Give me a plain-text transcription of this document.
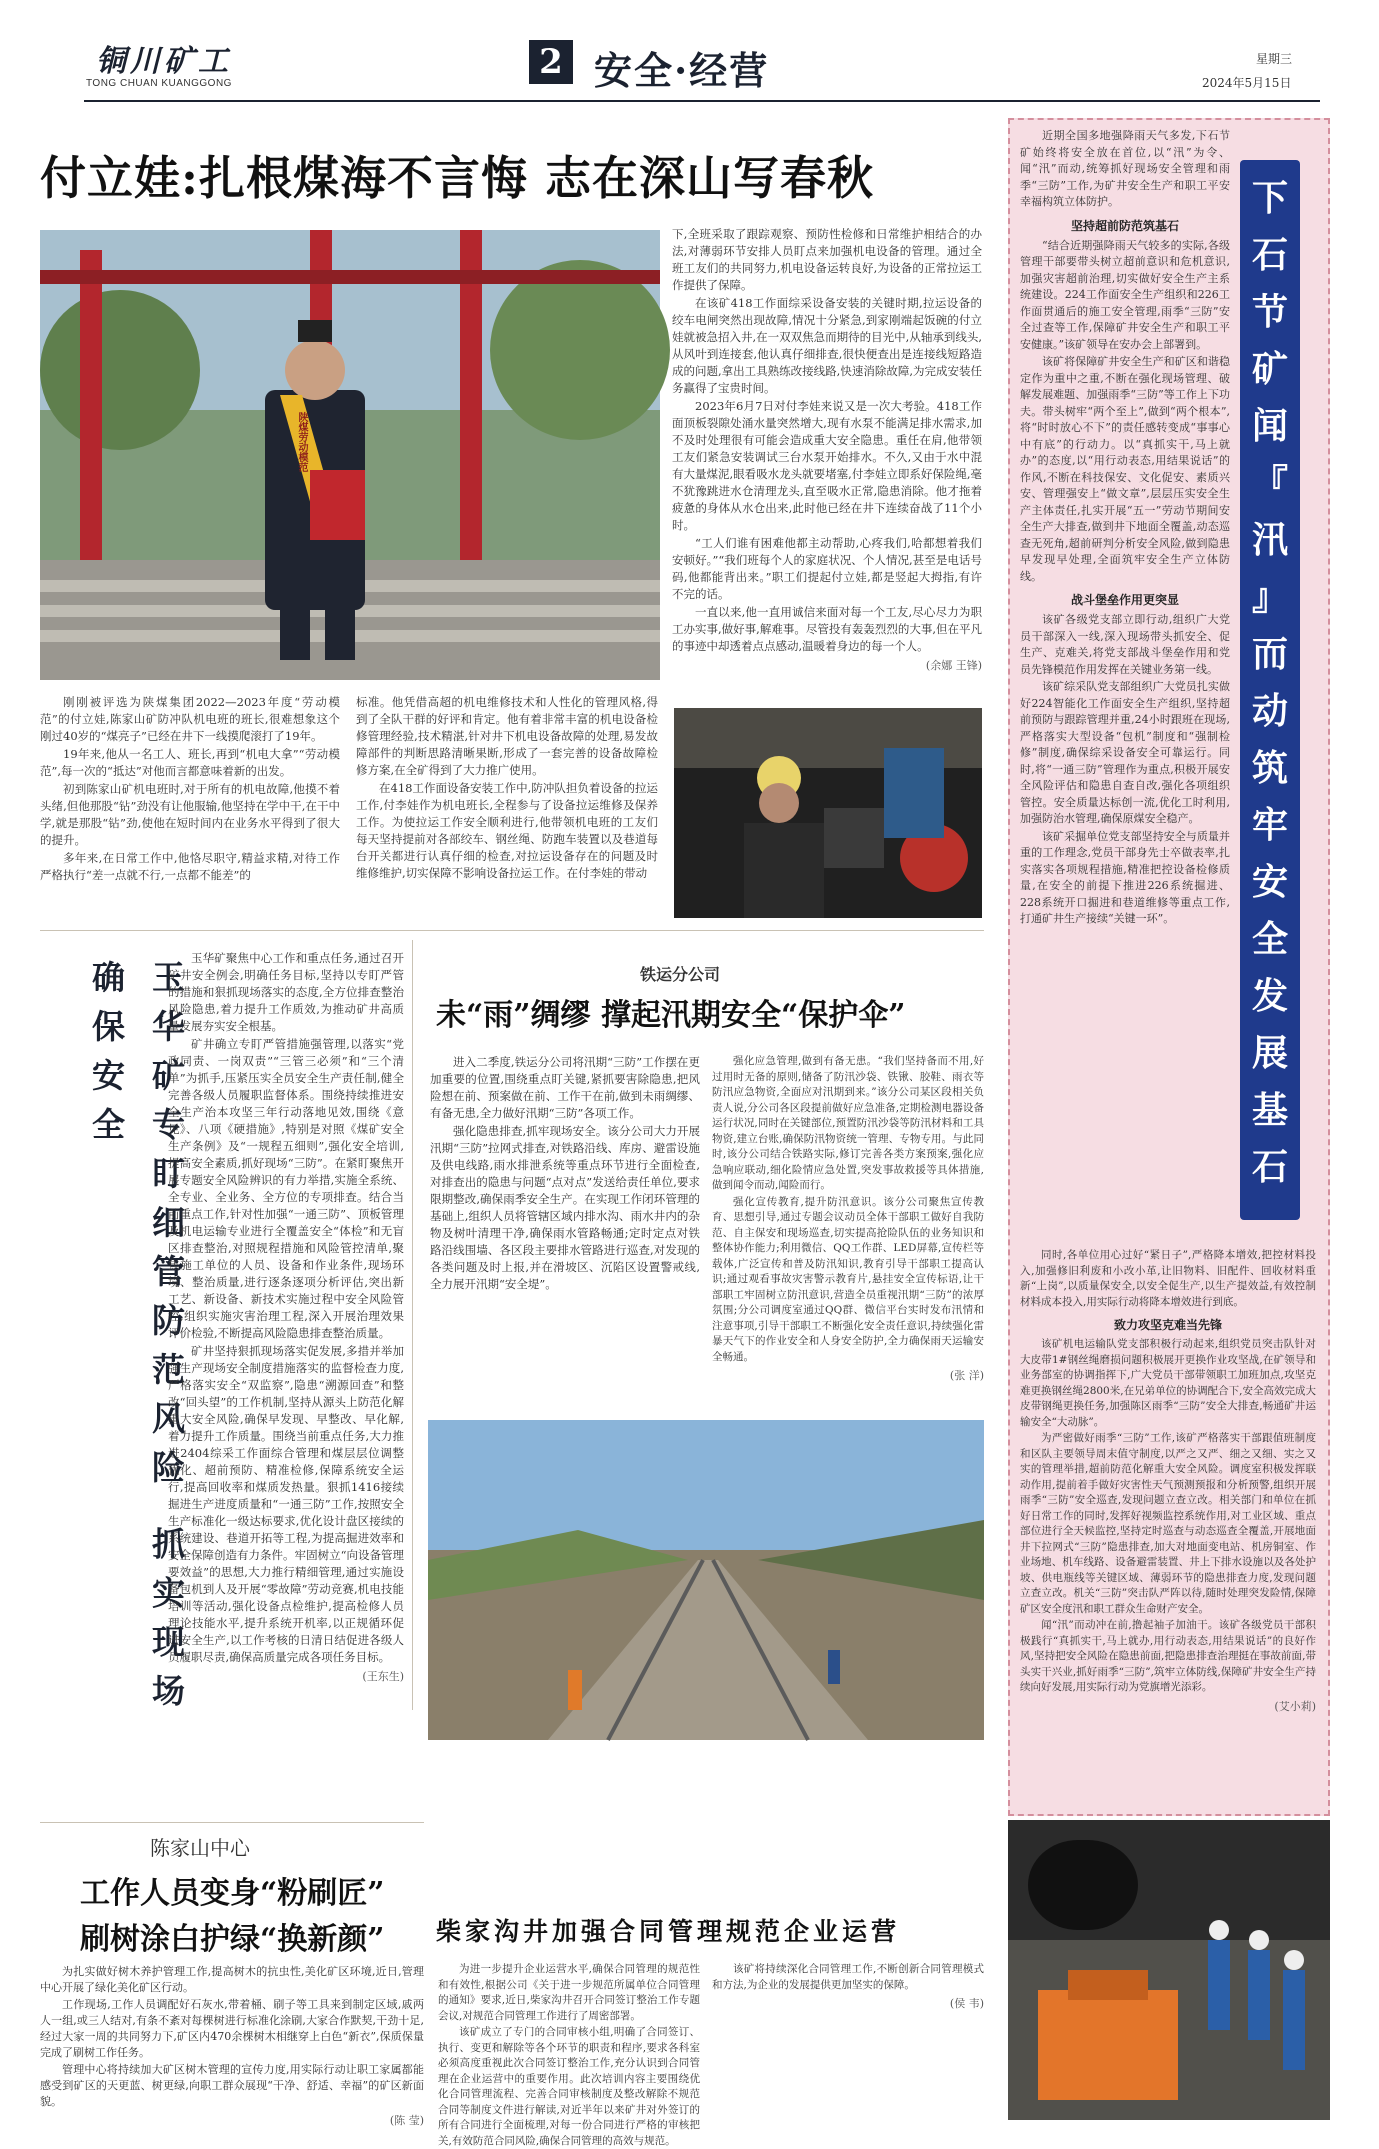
铜川矿工
TONG CHUAN KUANGGONG
2 安全·经营	星期三
2024年5月15日
付立娃:扎根煤海不言悔 志在深山写春秋
陕煤劳动模范

下,全班采取了跟踪观察、预防性检修和日常维护相结合的办法,对薄弱环节安排人员盯点来加强机电设备的管理。通过全班工友们的共同努力,机电设备运转良好,为设备的正常拉运工作提供了保障。

在该矿418工作面综采设备安装的关键时期,拉运设备的绞车电闸突然出现故障,情况十分紧急,到家刚端起饭碗的付立娃就被急招入井,在一双双焦急而期待的目光中,从轴承到线头,从风叶到连接套,他认真仔细排查,很快便查出是连接线短路造成的问题,拿出工具熟练改接线路,快速消除故障,为完成安装任务赢得了宝贵时间。

2023年6月7日对付李娃来说又是一次大考验。418工作面顶板裂隙处涌水量突然增大,现有水泵不能满足排水需求,加不及时处理很有可能会造成重大安全隐患。重任在肩,他带领工友们紧急安装调试三台水泵开始排水。不久,又由于水中混有大量煤泥,眼看吸水龙头就要堵塞,付李娃立即系好保险绳,毫不犹豫跳进水仓清理龙头,直至吸水正常,隐患消除。他才拖着疲惫的身体从水仓出来,此时他已经在井下连续奋战了11个小时。

“工人们谁有困难他都主动帮助,心疼我们,哈都想着我们安顿好。”“我们班每个人的家庭状况、个人情况,甚至是电话号码,他都能背出来。”职工们提起付立娃,都是竖起大拇指,有许不完的话。

一直以来,他一直用诚信来面对每一个工友,尽心尽力为职工办实事,做好事,解难事。尽管投有轰轰烈烈的大事,但在平凡的事迹中却透着点点感动,温暖着身边的每一个人。

(余娜 王锋)

刚刚被评选为陕煤集团2022—2023年度“劳动模范”的付立娃,陈家山矿防冲队机电班的班长,很难想象这个刚过40岁的“煤亮子”已经在井下一线摸爬滚打了19年。

19年来,他从一名工人、班长,再到“机电大拿”“劳动模范”,每一次的“抵达”对他而言都意味着新的出发。

初到陈家山矿机电班时,对于所有的机电故障,他摸不着头绪,但他那股“钻”劲没有让他服输,他坚持在学中干,在干中学,就是那股“钻”劲,使他在短时间内在业务水平得到了很大的提升。

多年来,在日常工作中,他恪尽职守,精益求精,对待工作严格执行“差一点就不行,一点都不能差”的

标准。他凭借高超的机电维修技术和人性化的管理风格,得到了全队干群的好评和肯定。他有着非常丰富的机电设备检修管理经验,技术精湛,针对井下机电设备故障的处理,易发故障部件的判断思路清晰果断,形成了一套完善的设备故障检修方案,在全矿得到了大力推广使用。

在418工作面设备安装工作中,防冲队担负着设备的拉运工作,付李娃作为机电班长,全程参与了设备拉运维修及保养工作。为使拉运工作安全顺利进行,他带领机电班的工友们每天坚持提前对各部绞车、钢丝绳、防跑车装置以及巷道每台开关都进行认真仔细的检查,对拉运设备存在的问题及时维修维护,切实保障不影响设备拉运工作。在付李娃的带动

玉华矿专盯细管防范风险 抓实现场确保安全

玉华矿聚焦中心工作和重点任务,通过召开矿井安全例会,明确任务目标,坚持以专盯严管的措施和狠抓现场落实的态度,全方位排查整治风险隐患,着力提升工作质效,为推动矿井高质量发展夯实安全根基。

矿井确立专盯严管措施强管理,以落实“党政同责、一岗双责”“三管三必须”和“三个清单”为抓手,压紧压实全员安全生产责任制,健全完善各级人员履职监督体系。围绕持续推进安全生产治本攻坚三年行动落地见效,围绕《意见》、八项《硬措施》,特别是对照《煤矿安全生产条例》及“一规程五细则”,强化安全培训,提高安全素质,抓好现场“三防”。在紧盯聚焦开展专题安全风险辨识的有力举措,实施全系统、全专业、全业务、全方位的专项排查。结合当前重点工作,针对性加强“一通三防”、顶板管理及机电运输专业进行全覆盖安全“体检”和无盲区排查整治,对照规程措施和风险管控清单,聚焦施工单位的人员、设备和作业条件,现场环境、整治质量,进行逐条逐项分析评估,突出新工艺、新设备、新技术实施过程中安全风险管控,组织实施灾害治理工程,深入开展治理效果评价检验,不断提高风险隐患排查整治质量。

矿井坚持狠抓现场落实促发展,多措并举加强生产现场安全制度措施落实的监督检查力度,严格落实安全“双监察”,隐患“溯源回查”和整改“回头望”的工作机制,坚持从源头上防范化解重大安全风险,确保早发现、早整改、早化解,着力提升工作质量。围绕当前重点任务,大力推进2404综采工作面综合管理和煤层层位调整优化、超前预防、精准检修,保障系统安全运行,提高回收率和煤质发热量。狠抓1416接续掘进生产进度质量和“一通三防”工作,按照安全生产标准化一级达标要求,优化设计盘区接续的系统建设、巷道开拓等工程,为提高掘进效率和安全保障创造有力条件。牢固树立“向设备管理要效益”的思想,大力推行精细管理,通过实施设备包机到人及开展“零故障”劳动竞赛,机电技能培训等活动,强化设备点检维护,提高检修人员理论技能水平,提升系统开机率,以正规循环促进安全生产,以工作考核的日清日结促进各级人员履职尽责,确保高质量完成各项任务目标。

(王东生)
铁运分公司
未“雨”绸缪 撑起汛期安全“保护伞”

进入二季度,铁运分公司将汛期“三防”工作摆在更加重要的位置,围绕重点盯关键,紧抓要害除隐患,把风险想在前、预案做在前、工作干在前,做到未雨绸缪、有备无患,全力做好汛期“三防”各项工作。

强化隐患排查,抓牢现场安全。该分公司大力开展汛期“三防”拉网式排查,对铁路沿线、库房、避雷设施及供电线路,雨水排泄系统等重点环节进行全面检查,对排查出的隐患与问题“点对点”发送给责任单位,要求限期整改,确保雨季安全生产。在实现工作闭环管理的基础上,组织人员将管辖区域内排水沟、雨水井内的杂物及树叶清理干净,确保雨水管路畅通;定时定点对铁路沿线围墙、各区段主要排水管路进行巡查,对发现的各类问题及时上报,并在滑坡区、沉陷区设置警戒线,全力展开汛期“安全堤”。

强化应急管理,做到有备无患。“我们坚持备而不用,好过用时无备的原则,储备了防汛沙袋、铁锹、胶鞋、雨衣等防汛应急物资,全面应对汛期到来。”该分公司某区段相关负责人说,分公司各区段提前做好应急准备,定期检测电器设备运行状况,同时在关键部位,预置防汛沙袋等防汛材料和工具物资,建立台账,确保防汛物资统一管理、专物专用。与此同时,该分公司结合铁路实际,修订完善各类方案预案,强化应急响应联动,细化险情应急处置,突发事故救援等具体措施,做到闻令而动,闻险而行。

强化宣传教育,提升防汛意识。该分公司聚焦宣传教育、思想引导,通过专题会议动员全体干部职工做好自我防范、自主保安和现场巡查,切实提高抢险队伍的业务知识和整体协作能力;利用微信、QQ工作群、LED屏幕,宣传栏等载体,广泛宣传和普及防汛知识,教育引导干部职工提高认识;通过观看事故灾害警示教育片,悬挂安全宣传标语,让干部职工牢固树立防汛意识,营造全员重视汛期“三防”的浓厚氛围;分公司调度室通过QQ群、微信平台实时发布汛情和注意事项,引导干部职工不断强化安全责任意识,持续强化雷暴天气下的作业安全和人身安全防护,全力确保雨天运输安全畅通。

(张 洋)
陈家山中心
工作人员变身“粉刷匠”
刷树涂白护绿“换新颜”

为扎实做好树木养护管理工作,提高树木的抗虫性,美化矿区环境,近日,管理中心开展了绿化美化矿区行动。

工作现场,工作人员调配好石灰水,带着桶、刷子等工具来到制定区域,戚两人一组,或三人结对,有条不紊对每棵树进行标准化涂刷,大家合作默契,干劲十足,经过大家一周的共同努力下,矿区内470余棵树木相继穿上白色“新衣”,保质保量完成了刷树工作任务。

管理中心将持续加大矿区树木管理的宣传力度,用实际行动让职工家属都能感受到矿区的天更蓝、树更绿,向职工群众展现“干净、舒适、幸福”的矿区新面貌。

(陈 莹)
柴家沟井加强合同管理规范企业运营

为进一步提升企业运营水平,确保合同管理的规范性和有效性,根据公司《关于进一步规范所属单位合同管理的通知》要求,近日,柴家沟井召开合同签订整治工作专题会议,对规范合同管理工作进行了周密部署。

该矿成立了专门的合同审核小组,明确了合同签订、执行、变更和解除等各个环节的职责和程序,要求各科室必须高度重视此次合同签订整治工作,充分认识到合同管理在企业运营中的重要作用。此次培训内容主要围绕优化合同管理流程、完善合同审核制度及整改解除不规范合同等制度文件进行解读,对近半年以来矿井对外签订的所有合同进行全面梳理,对每一份合同进行严格的审核把关,有效防范合同风险,确保合同管理的高效与规范。

该矿将持续深化合同管理工作,不断创新合同管理模式和方法,为企业的发展提供更加坚实的保障。

(侯 韦)
下
石
节
矿
闻
『
汛
』
而
动
筑
牢
安
全
发
展
基
石

近期全国多地强降雨天气多发,下石节矿始终将安全放在首位,以“汛”为令、闻“汛”而动,统筹抓好现场安全管理和雨季“三防”工作,为矿井安全生产和职工平安幸福构筑立体防护。

坚持超前防范筑基石

“结合近期强降雨天气较多的实际,各级管理干部要带头树立超前意识和危机意识,加强灾害超前治理,切实做好安全生产主系统建设。224工作面安全生产组织和226工作面贯通后的施工安全管理,雨季“三防”安全过查等工作,保障矿井安全生产和职工平安健康。”该矿领导在安办会上部署到。

该矿将保障矿井安全生产和矿区和谐稳定作为重中之重,不断在强化现场管理、破解发展难题、加强雨季“三防”等工作上下功夫。带头树牢“两个至上”,做到“两个根本”,将“时时放心不下”的责任感转变成“事事心中有底”的行动力。以“真抓实干,马上就办”的态度,以“用行动表态,用结果说话”的作风,不断在科技保安、文化促安、素质兴安、管理强安上“做文章”,层层压实安全生产主体责任,扎实开展“五一”劳动节期间安全生产大排查,做到井下地面全覆盖,动态巡查无死角,超前研判分析安全风险,做到隐患早发现早处理,全面筑牢安全生产立体防线。

战斗堡垒作用更突显

该矿各级党支部立即行动,组织广大党员干部深入一线,深入现场带头抓安全、促生产、克难关,将党支部战斗堡垒作用和党员先锋模范作用发挥在关键业务第一线。

该矿综采队党支部组织广大党员扎实做好224智能化工作面安全生产组织,坚持超前预防与跟踪管理并重,24小时跟班在现场,严格落实大型设备“包机”制度和“强制检修”制度,确保综采设备安全可靠运行。同时,将“一通三防”管理作为重点,积极开展安全风险评估和隐患自查自改,强化各项组织管控。安全质量达标创一流,优化工时利用,加强防治水管理,确保原煤安全稳产。

该矿采掘单位党支部坚持安全与质量并重的工作理念,党员干部身先士卒做表率,扎实落实各项规程措施,精准把控设备检修质量,在安全的前提下推进226系统掘进、228系统开口掘进和巷道维修等重点工作,打通矿井生产接续“关键一环”。

同时,各单位用心过好“紧日子”,严格降本增效,把控材料投入,加强修旧利废和小改小革,让旧物料、旧配件、回收材料重新“上岗”,以质量保安全,以安全促生产,以生产提效益,有效控制材料成本投入,用实际行动将降本增效进行到底。

致力攻坚克难当先锋

该矿机电运输队党支部积极行动起来,组织党员突击队针对大皮带1#钢丝绳磨损问题积极展开更换作业攻坚战,在矿领导和业务部室的协调指挥下,广大党员干部带领职工加班加点,攻坚克难更换钢丝绳2800米,在兄弟单位的协调配合下,安全高效完成大皮带钢绳更换任务,加强陈区雨季“三防”安全大排查,畅通矿井运输安全“大动脉”。

为严密做好雨季“三防”工作,该矿严格落实干部跟值班制度和区队主要领导周末值守制度,以严之又严、细之又细、实之又实的管理举措,超前防范化解重大安全风险。调度室积极发挥联动作用,提前着手做好灾害性天气预测预报和分析预警,组织开展雨季“三防”安全巡查,发现问题立查立改。相关部门和单位在抓好日常工作的同时,发挥好视频监控系统作用,对工业区域、重点部位进行全天候监控,坚持定时巡查与动态巡查全覆盖,开展地面井下拉网式“三防”隐患排查,加大对地面变电站、机房铜室、作业场地、机车线路、设备避雷装置、井上下排水设施以及各处护坡、供电瓶线等关键区域、薄弱环节的隐患排查力度,发现问题立查立改。机关“三防”突击队严阵以待,随时处理突发险情,保障矿区安全度汛和职工群众生命财产安全。

闻“汛”而动冲在前,撸起袖子加油干。该矿各级党员干部积极践行“真抓实干,马上就办,用行动表态,用结果说话”的良好作风,坚持把安全风险在隐患前面,把隐患排查治理挺在事故前面,带头实干兴业,抓好雨季“三防”,筑牢立体防线,保障矿井安全生产持续向好发展,用实际行动为党旗增光添彩。

(艾小莉)
